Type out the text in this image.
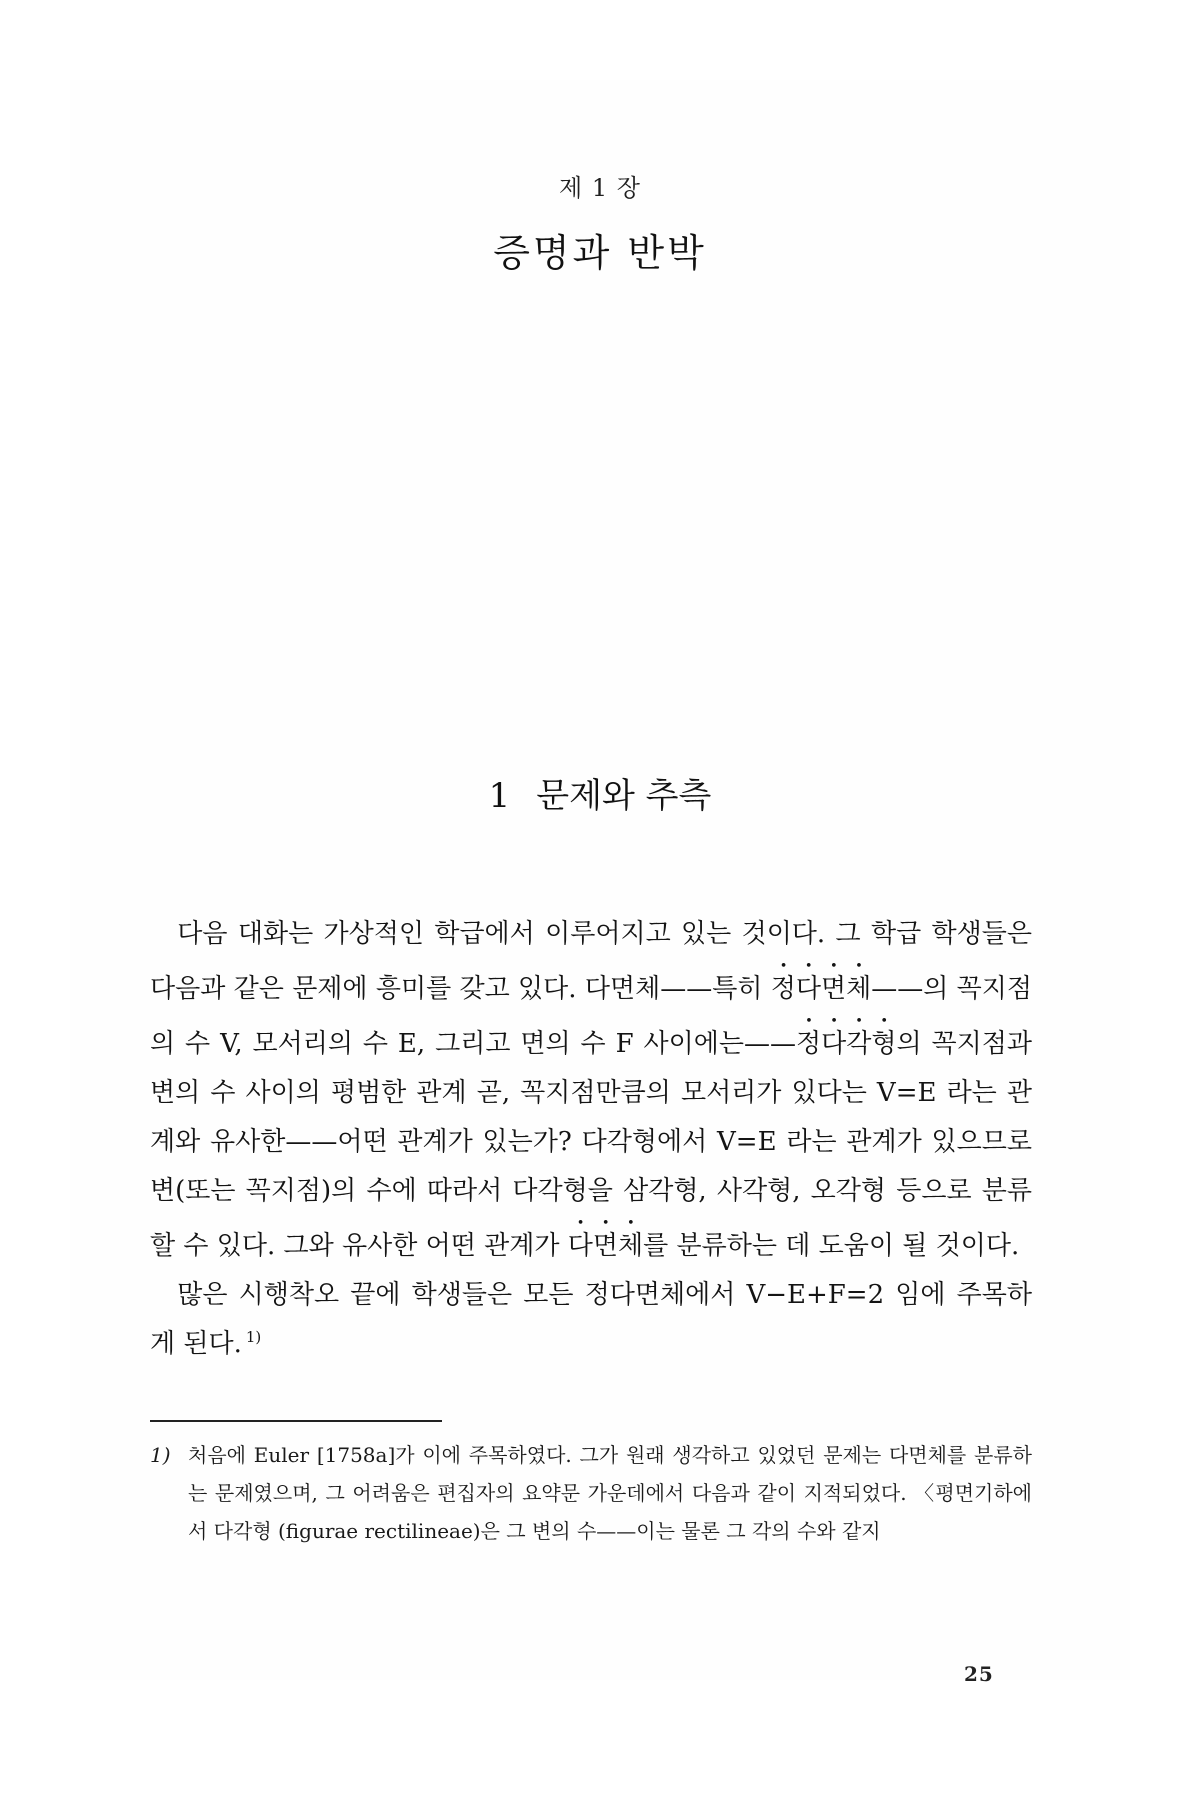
제 1 장
증명과 반박
1 문제와 추측

다음 대화는 가상적인 학급에서 이루어지고 있는 것이다. 그 학급 학생들은 다음과 같은 문제에 흥미를 갖고 있다. 다면체——특히 정다면체——의 꼭지점의 수 V, 모서리의 수 E, 그리고 면의 수 F 사이에는——정다각형의 꼭지점과 변의 수 사이의 평범한 관계 곧, 꼭지점만큼의 모서리가 있다는 V=E 라는 관계와 유사한——어떤 관계가 있는가? 다각형에서 V=E 라는 관계가 있으므로 변(또는 꼭지점)의 수에 따라서 다각형을 삼각형, 사각형, 오각형 등으로 분류할 수 있다. 그와 유사한 어떤 관계가 다면체를 분류하는 데 도움이 될 것이다.

많은 시행착오 끝에 학생들은 모든 정다면체에서 V−E+F=2 임에 주목하게 된다. $^{1)}$

1) 처음에 Euler [1758a]가 이에 주목하였다. 그가 원래 생각하고 있었던 문제는 다면체를 분류하는 문제였으며, 그 어려움은 편집자의 요약문 가운데에서 다음과 같이 지적되었다. 〈평면기하에서 다각형 (figurae rectilineae)은 그 변의 수——이는 물론 그 각의 수와 같지
25
